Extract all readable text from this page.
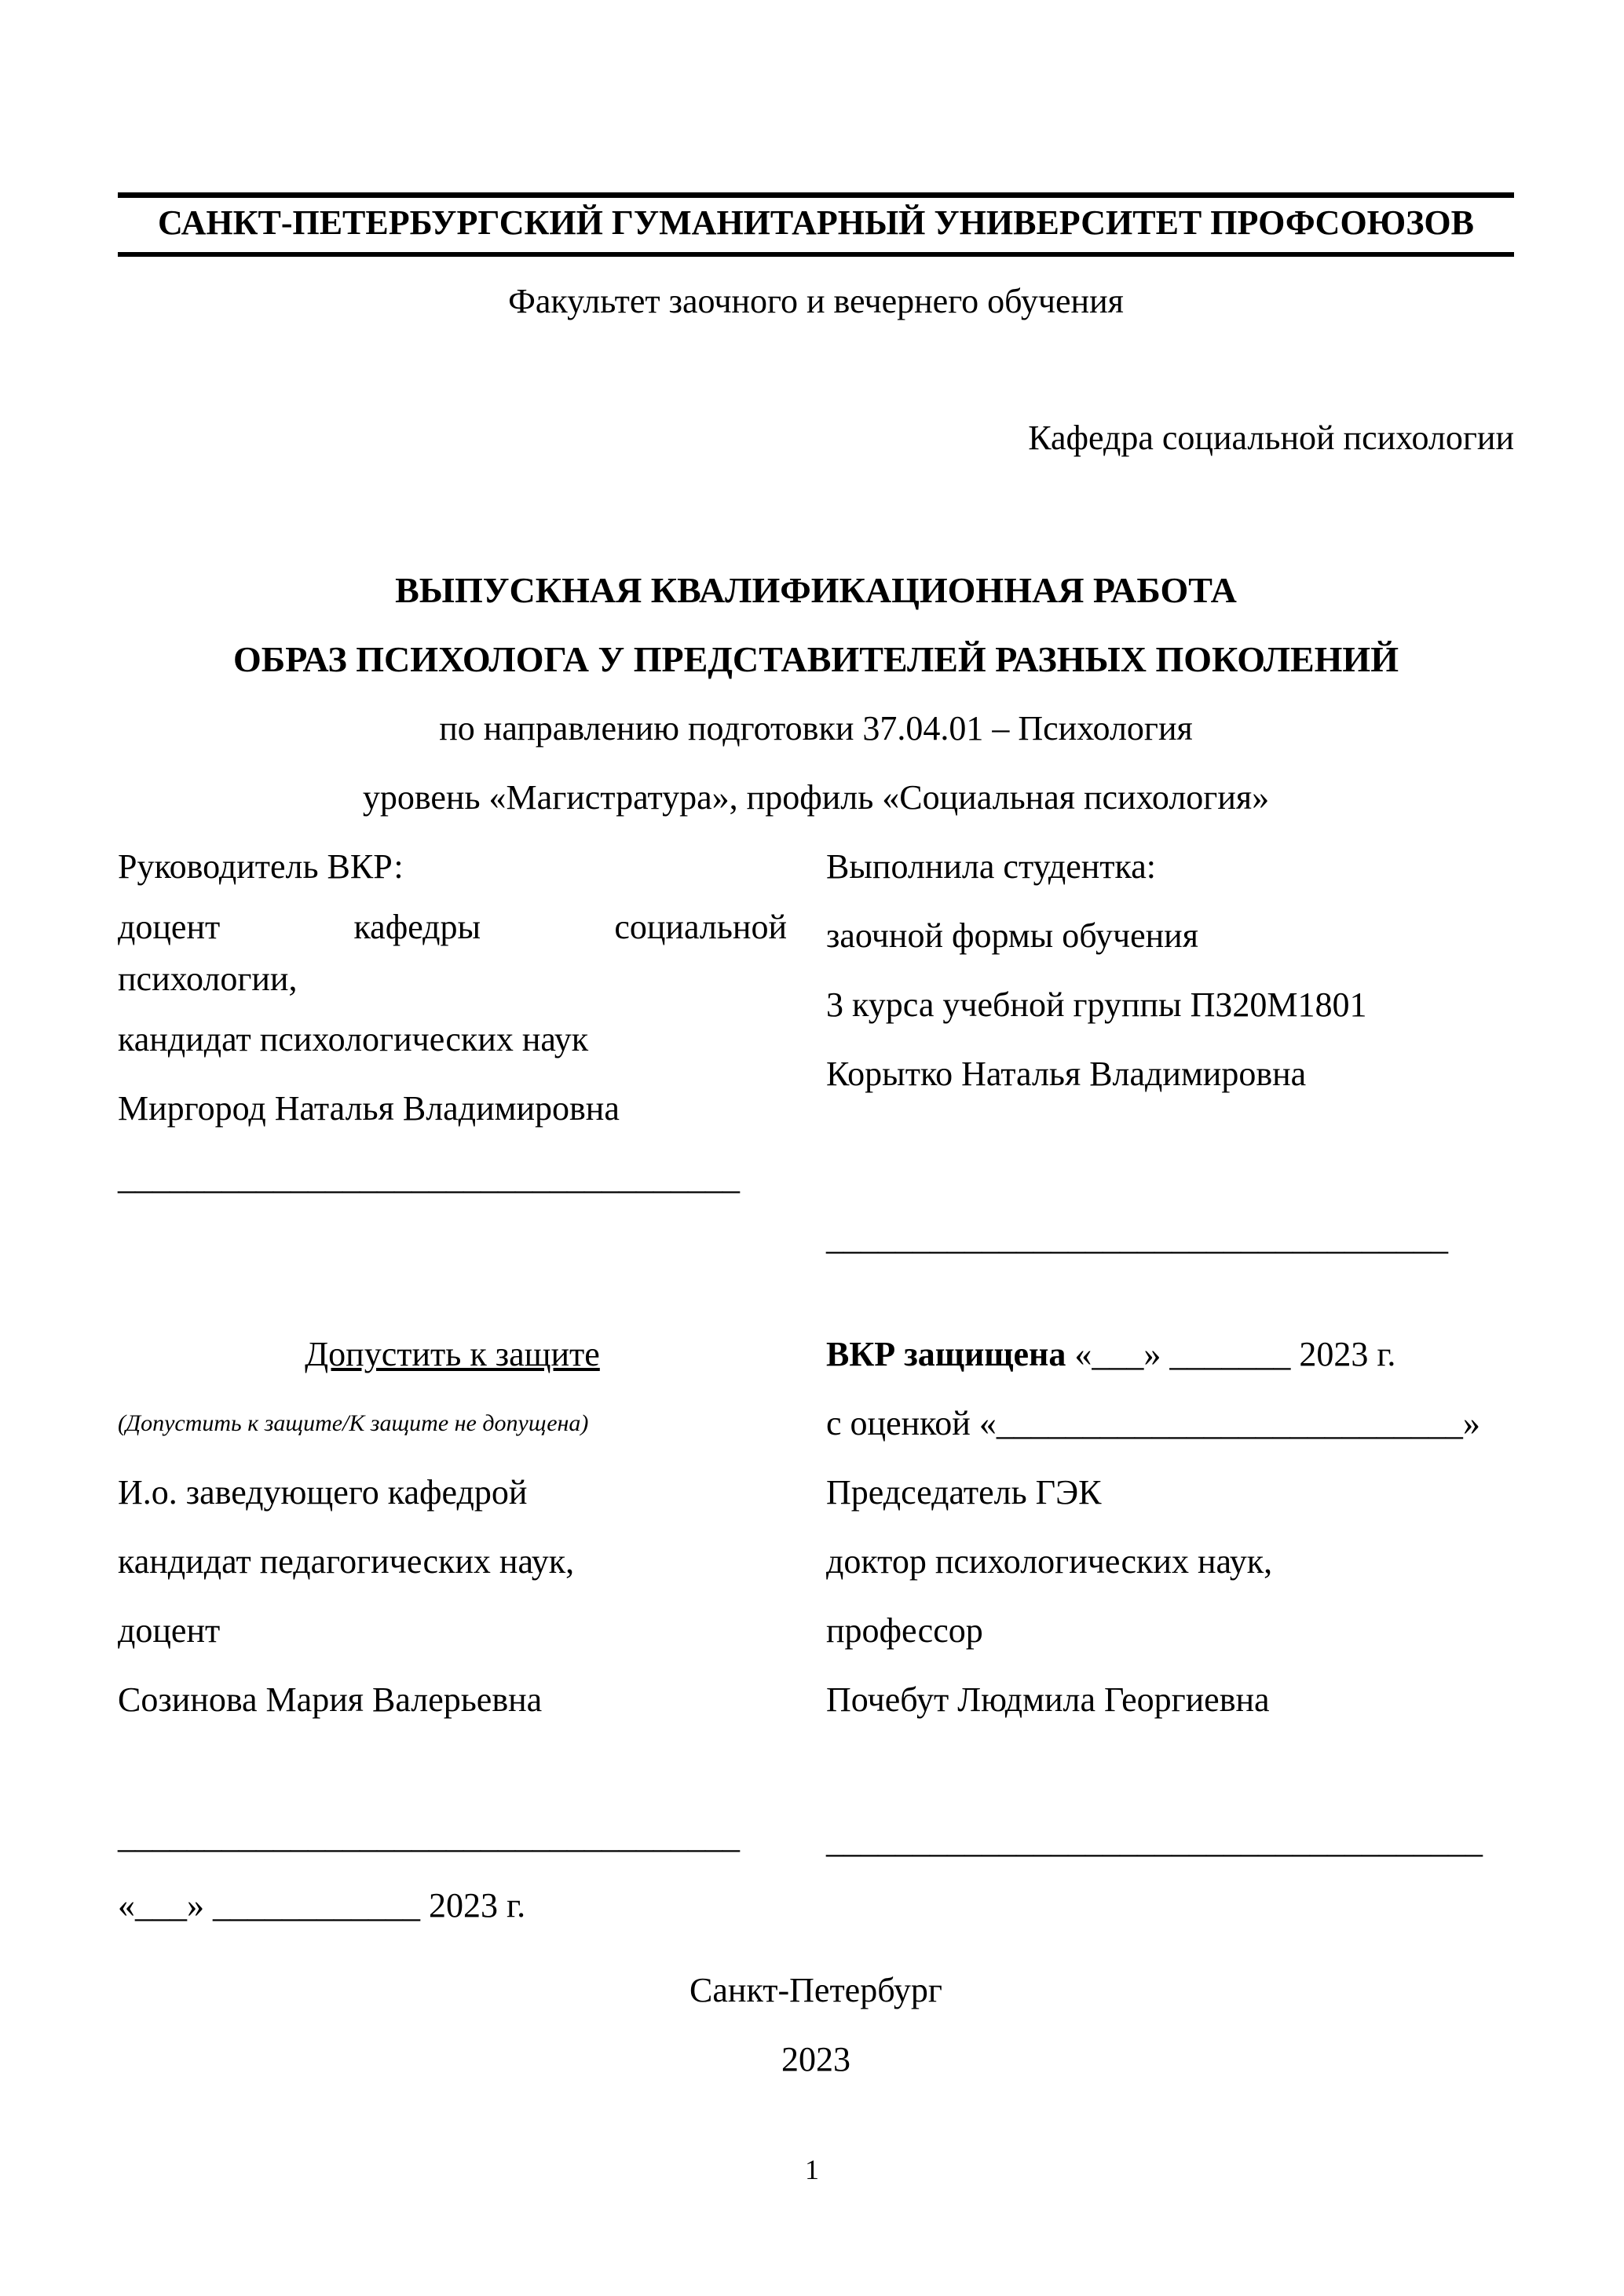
САНКТ-ПЕТЕРБУРГСКИЙ ГУМАНИТАРНЫЙ УНИВЕРСИТЕТ ПРОФСОЮЗОВ

Факультет заочного и вечернего обучения

Кафедра социальной психологии

ВЫПУСКНАЯ КВАЛИФИКАЦИОННАЯ РАБОТА

ОБРАЗ ПСИХОЛОГА У ПРЕДСТАВИТЕЛЕЙ РАЗНЫХ ПОКОЛЕНИЙ

по направлению подготовки 37.04.01 – Психология

уровень «Магистратура», профиль «Социальная психология»

Руководитель ВКР:

доцент кафедры социальной

психологии,

кандидат психологических наук

Миргород Наталья Владимировна

____________________________________

Выполнила студентка:

заочной формы обучения

3 курса учебной группы ПЗ20М1801

Корытко Наталья Владимировна

____________________________________

Допустить к защите

(Допустить к защите/К защите не допущена)

И.о. заведующего кафедрой

кандидат педагогических наук,

доцент

Созинова Мария Валерьевна

____________________________________

«___» ____________ 2023 г.

ВКР защищена «___» _______ 2023 г.

с оценкой «___________________________»

Председатель ГЭК

доктор психологических наук,

профессор

Почебут Людмила Георгиевна

______________________________________

Санкт-Петербург

2023

1
